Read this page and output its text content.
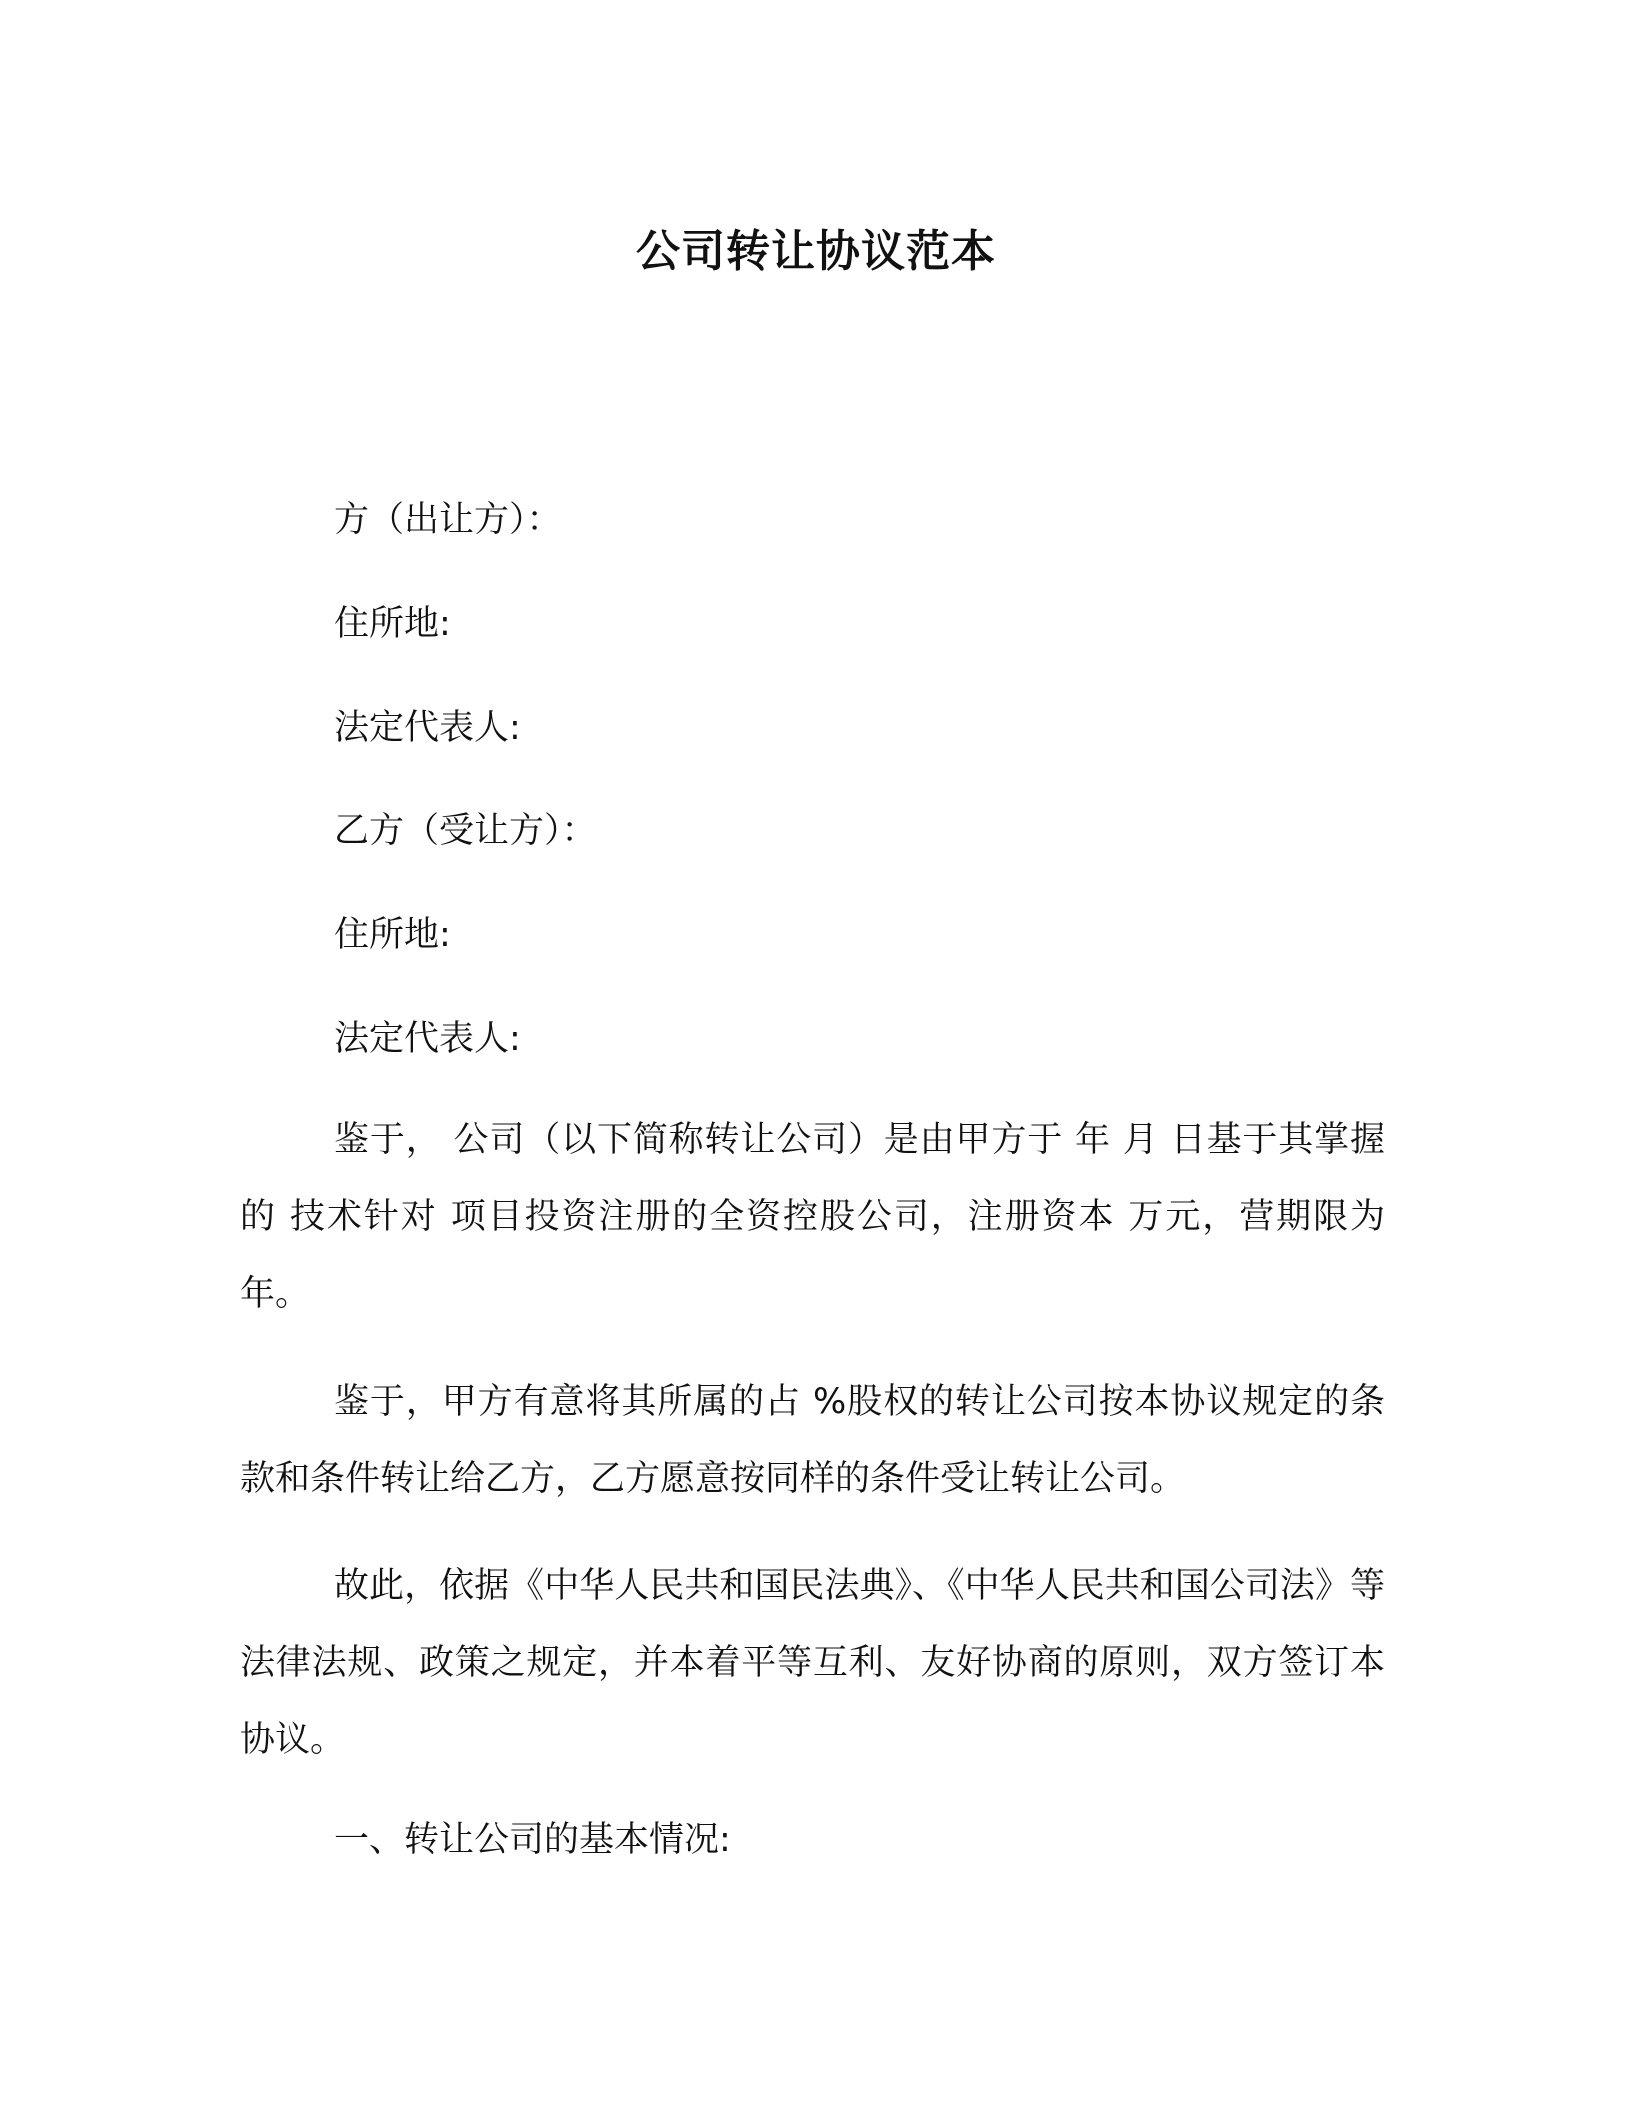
公司转让协议范本
方（出让方）：
住所地:
法定代表人:
乙方（受让方）：
住所地:
法定代表人:

鉴于， 公司（以下简称转让公司）是由甲方于 年 月 日基于其掌握的 技术针对 项目投资注册的全资控股公司，注册资本 万元，营期限为 年。

鉴于，甲方有意将其所属的占 %股权的转让公司按本协议规定的条款和条件转让给乙方，乙方愿意按同样的条件受让转让公司。

故此，依据《中华人民共和国民法典》、《中华人民共和国公司法》等法律法规、政策之规定，并本着平等互利、友好协商的原则，双方签订本协议。

一、转让公司的基本情况:
